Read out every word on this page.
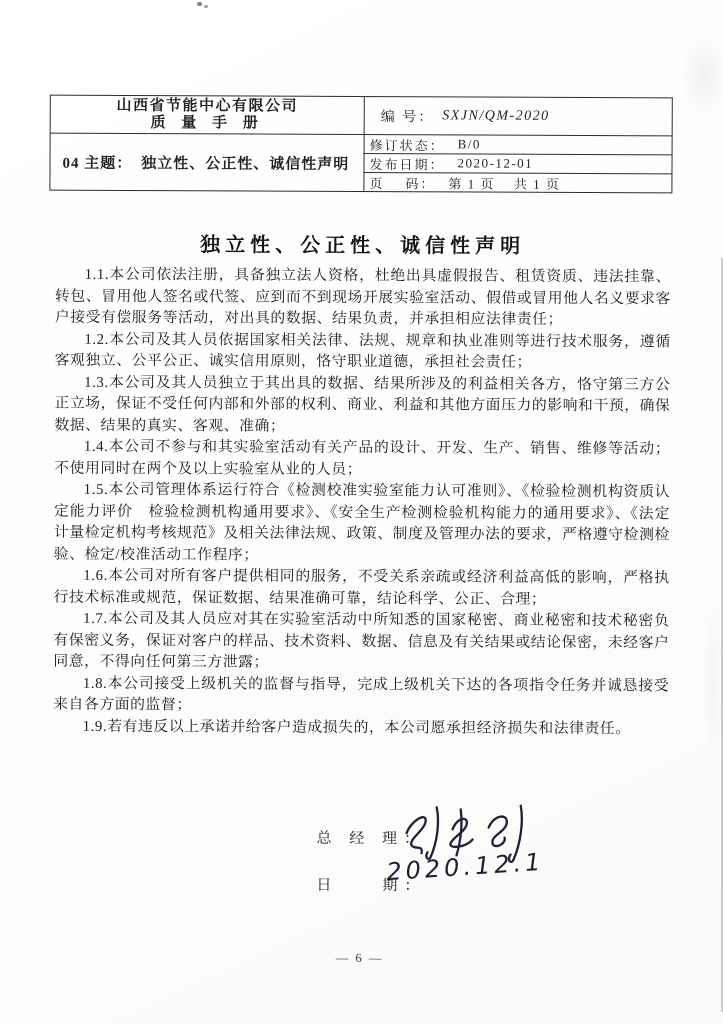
山西省节能中心有限公司
质 量 手 册	编 号： SXJN/QM-2020
04 主题： 独立性、公正性、诚信性声明
修订状态： B/0
发布日期： 2020-12-01
页    码： 第 1 页    共 1 页
独立性、公正性、诚信性声明

1.1.本公司依法注册，具备独立法人资格，杜绝出具虚假报告、租赁资质、违法挂靠、转包、冒用他人签名或代签、应到而不到现场开展实验室活动、假借或冒用他人名义要求客户接受有偿服务等活动，对出具的数据、结果负责，并承担相应法律责任；

1.2.本公司及其人员依据国家相关法律、法规、规章和执业准则等进行技术服务，遵循客观独立、公平公正、诚实信用原则，恪守职业道德，承担社会责任；

1.3.本公司及其人员独立于其出具的数据、结果所涉及的利益相关各方，恪守第三方公正立场，保证不受任何内部和外部的权利、商业、利益和其他方面压力的影响和干预，确保数据、结果的真实、客观、准确；

1.4.本公司不参与和其实验室活动有关产品的设计、开发、生产、销售、维修等活动；不使用同时在两个及以上实验室从业的人员；

1.5.本公司管理体系运行符合《检测校准实验室能力认可准则》、《检验检测机构资质认定能力评价　检验检测机构通用要求》、《安全生产检测检验机构能力的通用要求》、《法定计量检定机构考核规范》及相关法律法规、政策、制度及管理办法的要求，严格遵守检测检验、检定/校准活动工作程序；

1.6.本公司对所有客户提供相同的服务，不受关系亲疏或经济利益高低的影响，严格执行技术标准或规范，保证数据、结果准确可靠，结论科学、公正、合理；

1.7.本公司及其人员应对其在实验室活动中所知悉的国家秘密、商业秘密和技术秘密负有保密义务，保证对客户的样品、技术资料、数据、信息及有关结果或结论保密，未经客户同意，不得向任何第三方泄露；

1.8.本公司接受上级机关的监督与指导，完成上级机关下达的各项指令任务并诚恳接受来自各方面的监督；

1.9.若有违反以上承诺并给客户造成损失的，本公司愿承担经济损失和法律责任。

总 经 理：
日　　期：
2020.12.1
— 6 —
